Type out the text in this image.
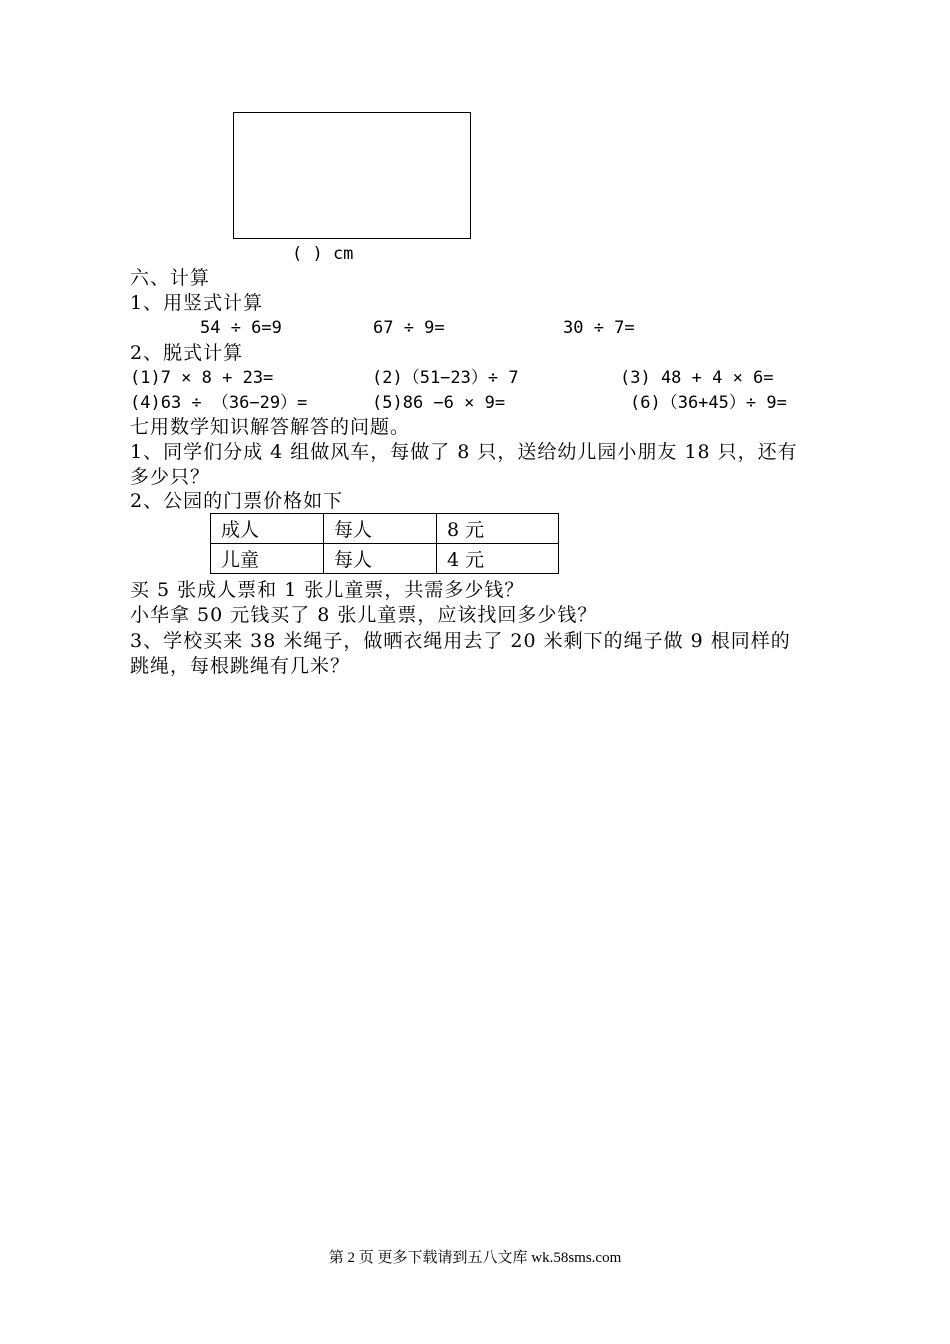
( ) cm
六、计算
1、用竖式计算
54 ÷ 6=9	67 ÷ 9=	30 ÷ 7=
2、脱式计算
(1)7 × 8 + 23=	(2)（51−23）÷ 7	(3) 48 + 4 × 6=
(4)63 ÷ （36−29）=	(5)86 −6 × 9=	(6)（36+45）÷ 9=
七用数学知识解答解答的问题。
1、同学们分成 4 组做风车，每做了 8 只，送给幼儿园小朋友 18 只，还有
多少只？
2、公园的门票价格如下
成人	每人	8 元
儿童	每人	4 元
买 5 张成人票和 1 张儿童票，共需多少钱？
小华拿 50 元钱买了 8 张儿童票，应该找回多少钱？
3、学校买来 38 米绳子，做晒衣绳用去了 20 米剩下的绳子做 9 根同样的
跳绳，每根跳绳有几米？
第 2 页 更多下载请到五八文库 wk.58sms.com
